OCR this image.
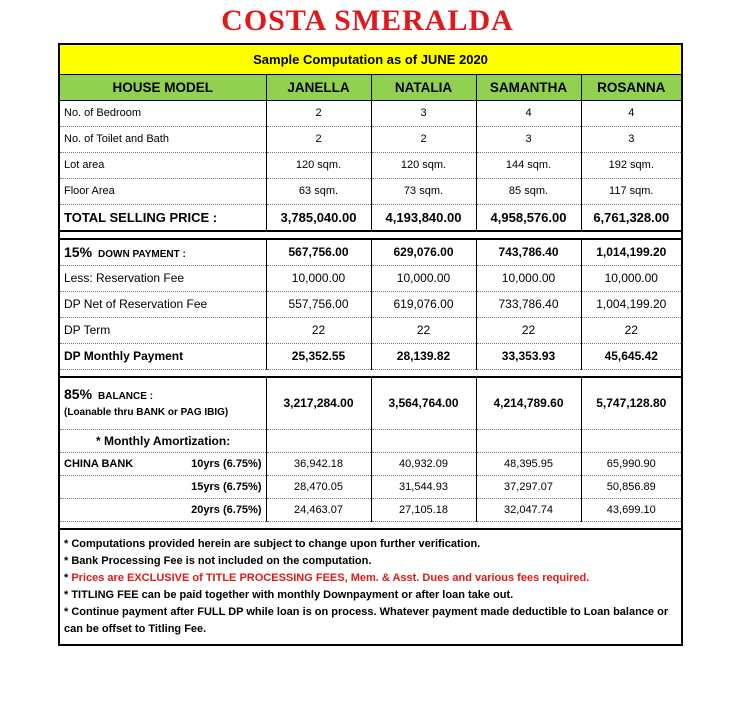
COSTA SMERALDA
Sample Computation as of JUNE 2020				
HOUSE MODEL	JANELLA	NATALIA	SAMANTHA	ROSANNA
No. of Bedroom	2	3	4	4
No. of Toilet and Bath	2	2	3	3
Lot area	120 sqm.	120 sqm.	144 sqm.	192 sqm.
Floor Area	63 sqm.	73 sqm.	85 sqm.	117 sqm.
TOTAL SELLING PRICE :	3,785,040.00	4,193,840.00	4,958,576.00	6,761,328.00

15% DOWN PAYMENT :	567,756.00	629,076.00	743,786.40	1,014,199.20
Less: Reservation Fee	10,000.00	10,000.00	10,000.00	10,000.00
DP Net of Reservation Fee	557,756.00	619,076.00	733,786.40	1,004,199.20
DP Term	22	22	22	22
DP Monthly Payment	25,352.55	28,139.82	33,353.93	45,645.42

85% BALANCE :
(Loanable thru BANK or PAG IBIG)	3,217,284.00	3,564,764.00	4,214,789.60	5,747,128.80
* Monthly Amortization:				

CHINA BANK 10yrs (6.75%)	36,942.18	40,932.09	48,395.95	65,990.90

15yrs (6.75%)	28,470.05	31,544.93	37,297.07	50,856.89

20yrs (6.75%)	24,463.07	27,105.18	32,047.74	43,699.10

* Computations provided herein are subject to change upon further verification.
* Bank Processing Fee is not included on the computation.
* Prices are EXCLUSIVE of TITLE PROCESSING FEES, Mem. & Asst. Dues and various fees required.
* TITLING FEE can be paid together with monthly Downpayment or after loan take out.
* Continue payment after FULL DP while loan is on process. Whatever payment made deductible to Loan balance or can be offset to Titling Fee.
